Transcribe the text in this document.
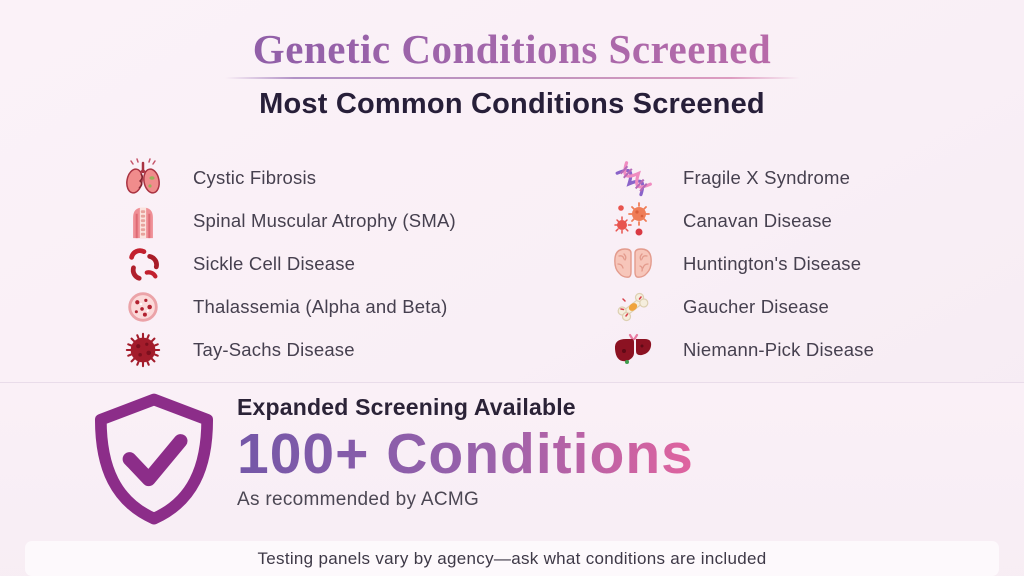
Genetic Conditions Screened
Most Common Conditions Screened
Cystic Fibrosis
Spinal Muscular Atrophy (SMA)
Sickle Cell Disease
Thalassemia (Alpha and Beta)
Tay-Sachs Disease
Fragile X Syndrome
Canavan Disease
Huntington's Disease
Gaucher Disease
Niemann-Pick Disease
Expanded Screening Available
100+ Conditions
As recommended by ACMG
Testing panels vary by agency—ask what conditions are included
